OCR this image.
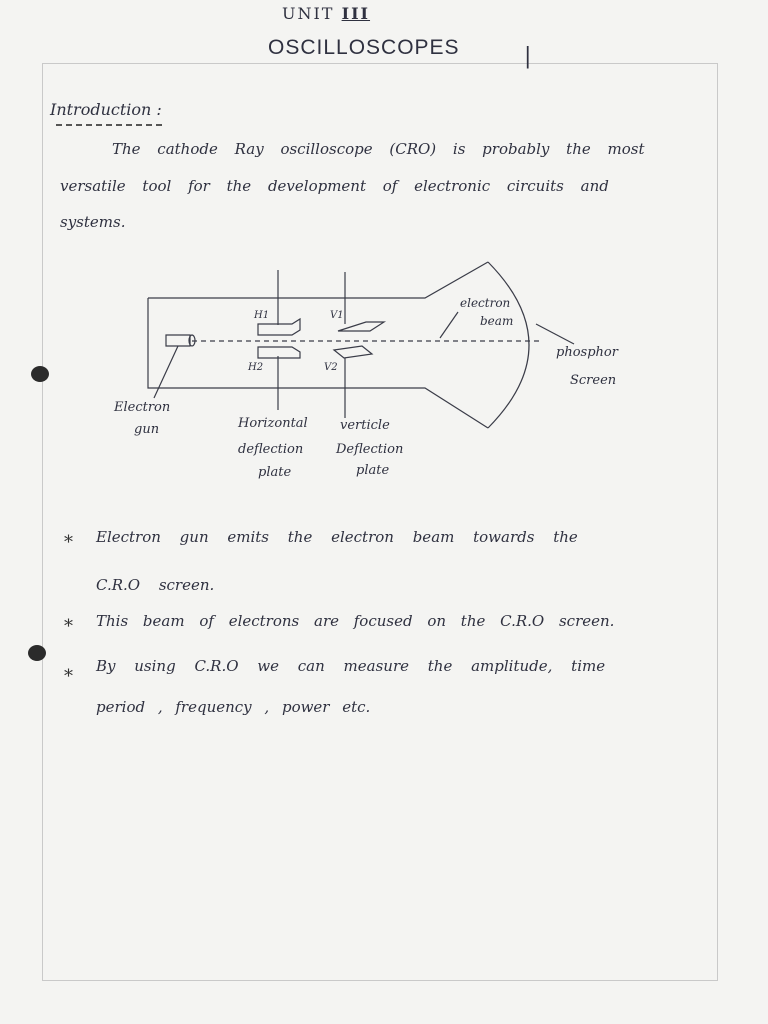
UNIT III
OSCILLOSCOPES	|
Introduction :
The cathode Ray oscilloscope (CRO) is probably the most
versatile tool for the development of electronic circuits and
systems.
H1
H2
V1
V2
electron
beam
phosphor
Screen
Electron
gun	Horizontal
deflection
plate
verticle
Deflection
plate
* Electron gun emits the electron beam towards the
C.R.O screen.
* This beam of electrons are focused on the C.R.O screen.
* By using C.R.O we can measure the amplitude, time
period , frequency , power etc.
